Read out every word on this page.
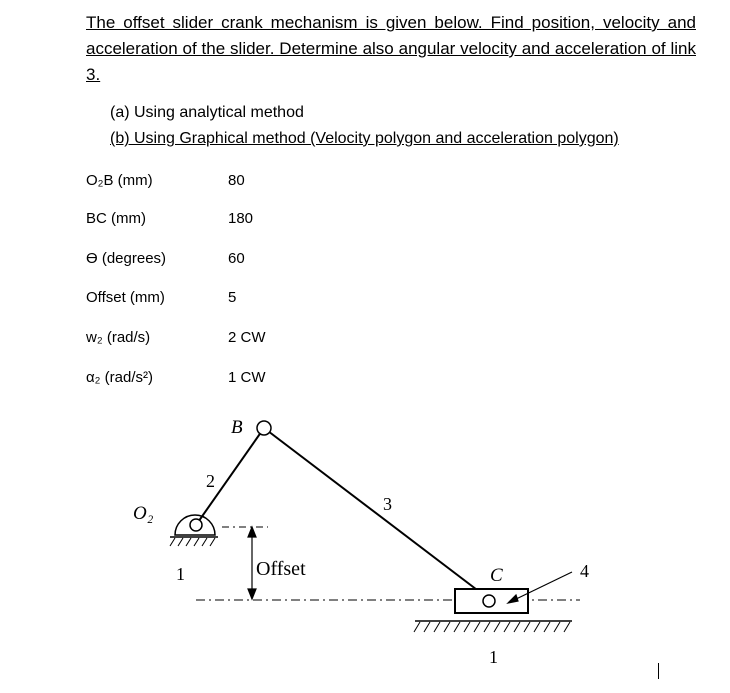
The offset slider crank mechanism is given below. Find position, velocity and acceleration of the slider. Determine also angular velocity and acceleration of link 3.
(a) Using analytical method
(b) Using Graphical method (Velocity polygon and acceleration polygon)
O₂B (mm)	80
BC (mm)	180
ϴ (degrees)	60
Offset (mm)	5
w₂ (rad/s)	2 CW
α₂ (rad/s²)	1 CW
B
O₂
2
3
C	4
1
1
Offset
